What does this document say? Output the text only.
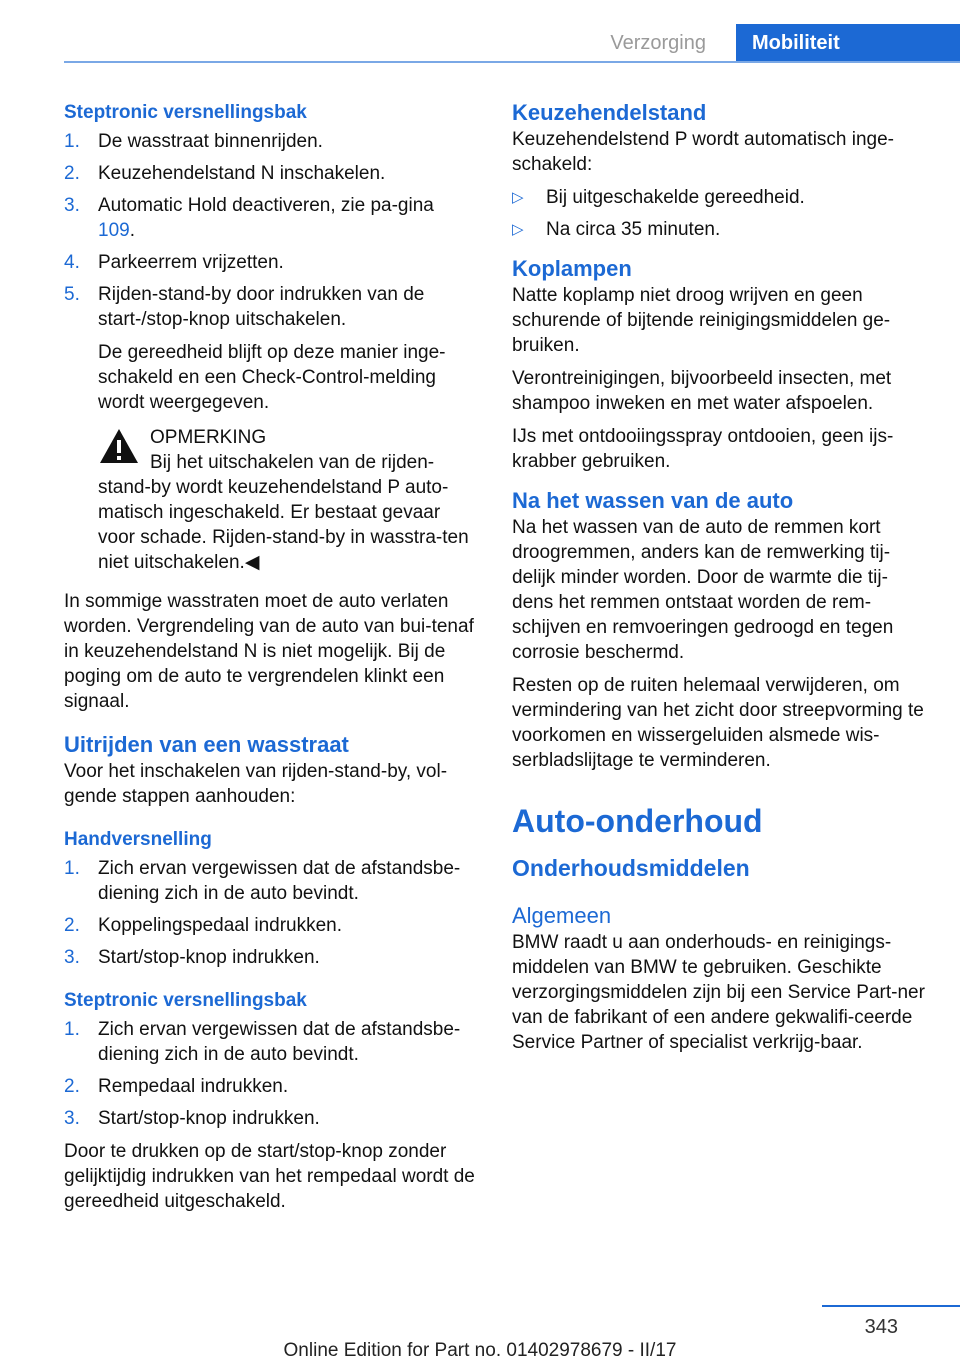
Verzorging	Mobiliteit
Steptronic versnellingsbak
1. De wasstraat binnenrijden.
2. Keuzehendelstand N inschakelen.
3. Automatic Hold deactiveren, zie pa-gina 109.
4. Parkeerrem vrijzetten.
5. Rijden-stand-by door indrukken van de start-/stop-knop uitschakelen.
De gereedheid blijft op deze manier inge-schakeld en een Check-Control-melding wordt weergegeven.
OPMERKING
Bij het uitschakelen van de rijden-stand-by wordt keuzehendelstand P auto-matisch ingeschakeld. Er bestaat gevaar voor schade. Rijden-stand-by in wasstra-ten niet uitschakelen.◀

In sommige wasstraten moet de auto verlaten worden. Vergrendeling van de auto van bui-tenaf in keuzehendelstand N is niet mogelijk. Bij de poging om de auto te vergrendelen klinkt een signaal.

Uitrijden van een wasstraat

Voor het inschakelen van rijden-stand-by, vol-gende stappen aanhouden:

Handversnelling
1. Zich ervan vergewissen dat de afstandsbe-diening zich in de auto bevindt.
2. Koppelingspedaal indrukken.
3. Start/stop-knop indrukken.
Steptronic versnellingsbak
1. Zich ervan vergewissen dat de afstandsbe-diening zich in de auto bevindt.
2. Rempedaal indrukken.
3. Start/stop-knop indrukken.

Door te drukken op de start/stop-knop zonder gelijktijdig indrukken van het rempedaal wordt de gereedheid uitgeschakeld.

Keuzehendelstand

Keuzehendelstend P wordt automatisch inge-schakeld:

▷ Bij uitgeschakelde gereedheid.
▷ Na circa 35 minuten.
Koplampen

Natte koplamp niet droog wrijven en geen schurende of bijtende reinigingsmiddelen ge-bruiken.

Verontreinigingen, bijvoorbeeld insecten, met shampoo inweken en met water afspoelen.

IJs met ontdooiingsspray ontdooien, geen ijs-krabber gebruiken.

Na het wassen van de auto

Na het wassen van de auto de remmen kort droogremmen, anders kan de remwerking tij-delijk minder worden. Door de warmte die tij-dens het remmen ontstaat worden de rem-schijven en remvoeringen gedroogd en tegen corrosie beschermd.

Resten op de ruiten helemaal verwijderen, om vermindering van het zicht door streepvorming te voorkomen en wissergeluiden alsmede wis-serbladslijtage te verminderen.

Auto-onderhoud
Onderhoudsmiddelen
Algemeen

BMW raadt u aan onderhouds- en reinigings-middelen van BMW te gebruiken. Geschikte verzorgingsmiddelen zijn bij een Service Part-ner van de fabrikant of een andere gekwalifi-ceerde Service Partner of specialist verkrijg-baar.

343
Online Edition for Part no. 01402978679 - II/17
